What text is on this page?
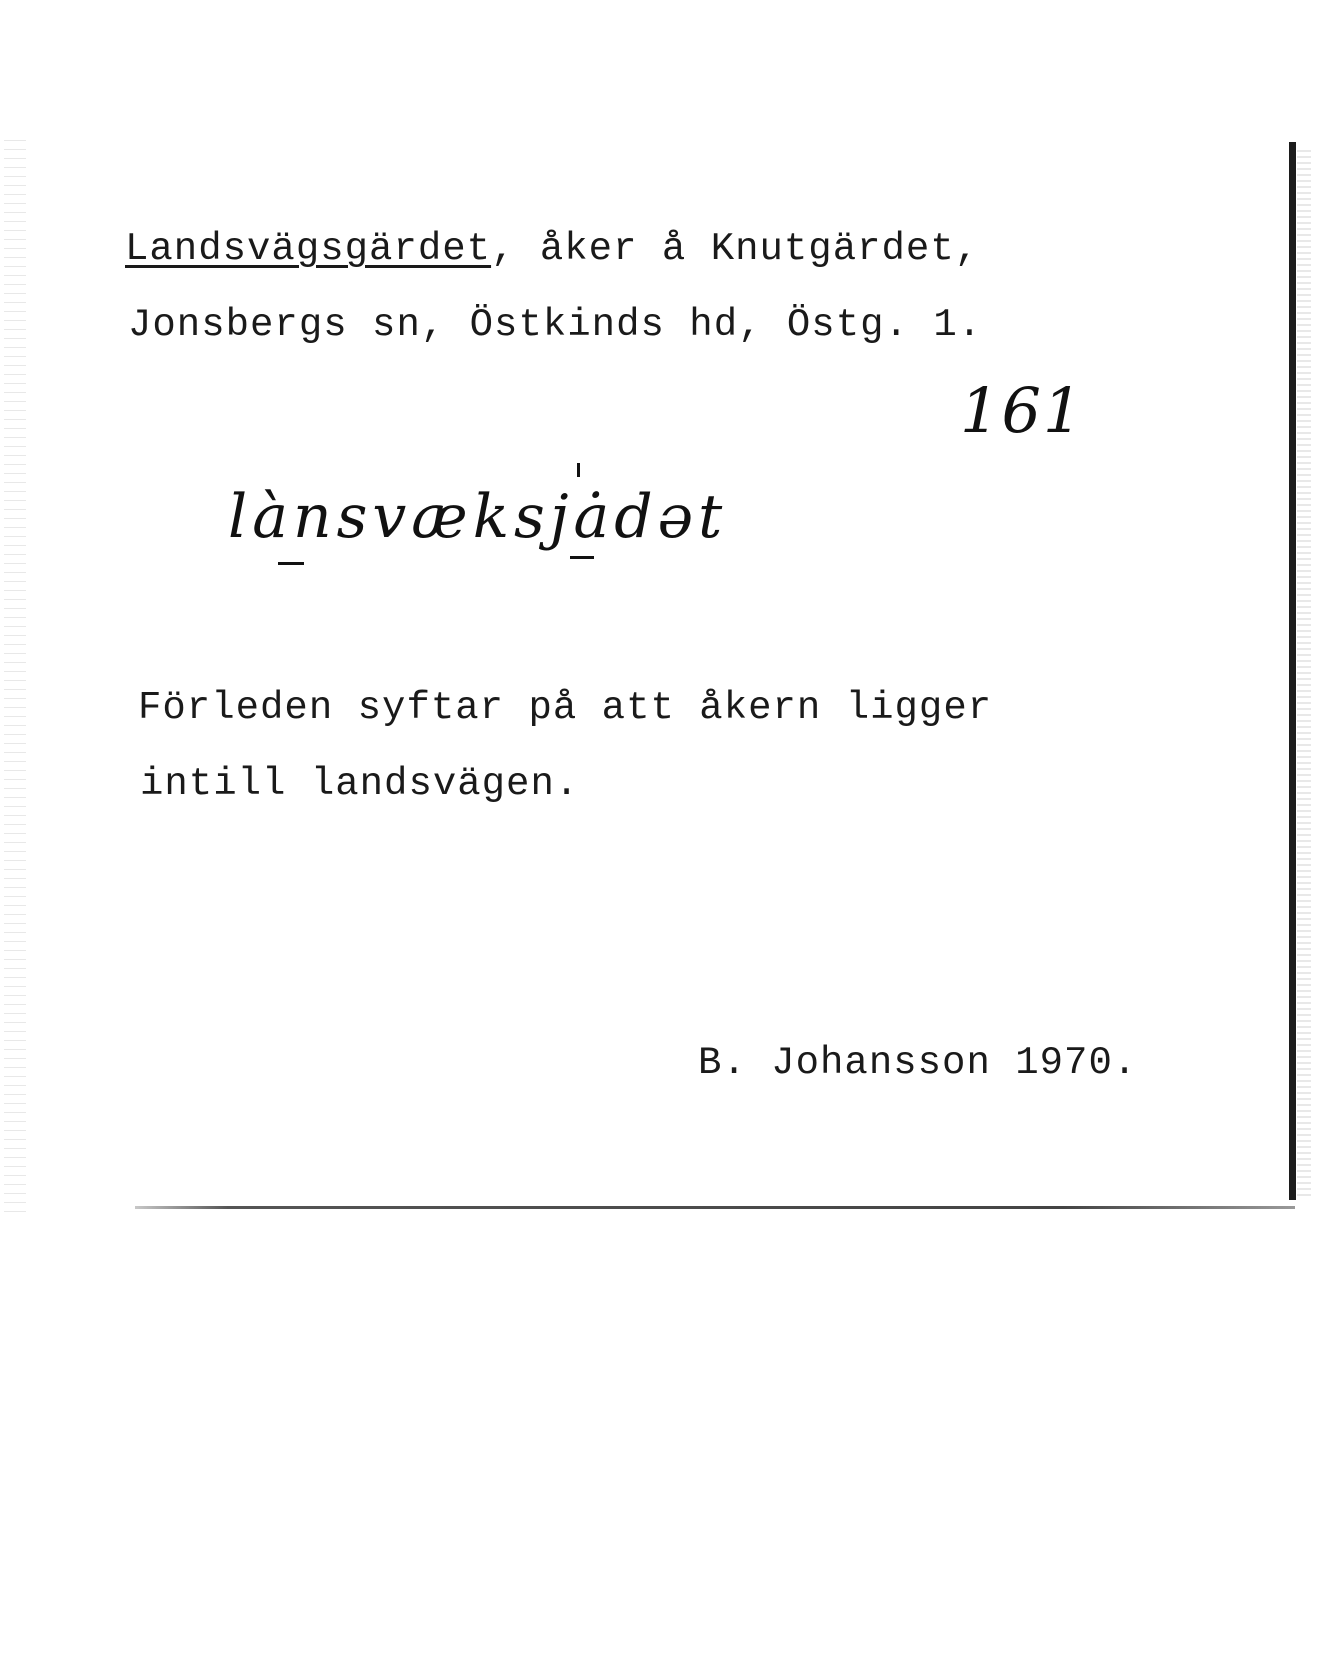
Landsvägsgärdet, åker å Knutgärdet,

Jonsbergs sn, Östkinds hd, Östg. 1.

161
lànsvæksjȧdət

Förleden syftar på att åkern ligger

intill landsvägen.

B. Johansson 1970.
